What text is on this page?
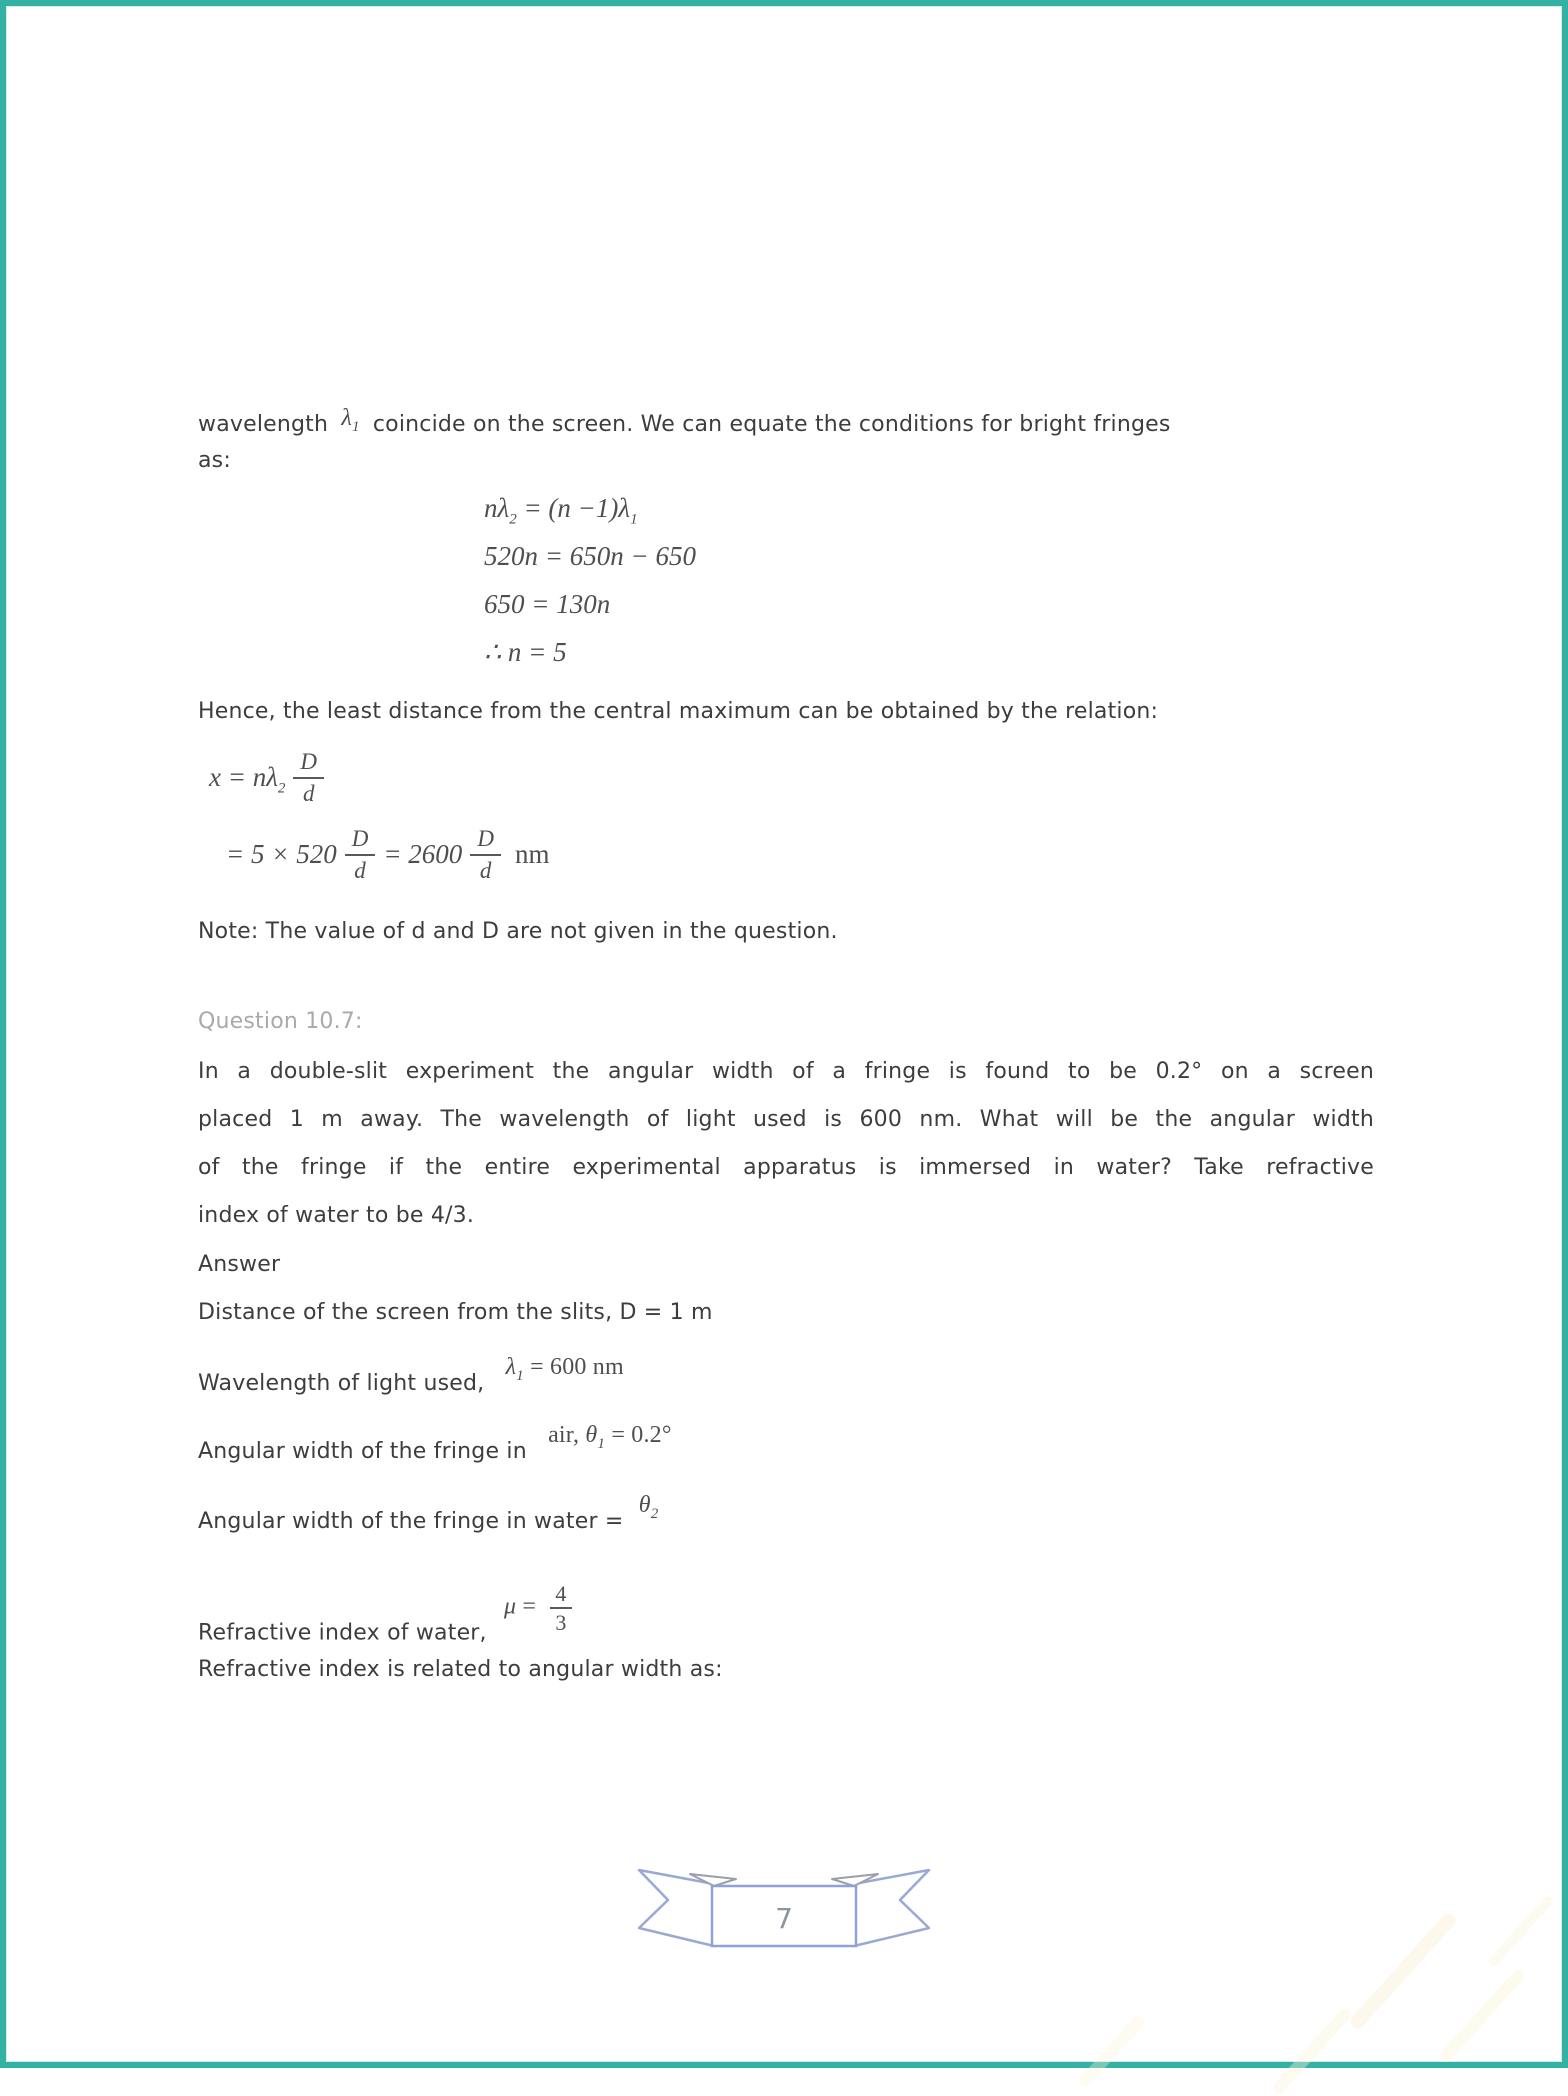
wavelength $\lambda_1$ coincide on the screen. We can equate the conditions for bright fringes
as:
$n\lambda_2 = (n -1)\lambda_1$
520n = 650n − 650
650 = 130n
∴ n = 5
Hence, the least distance from the central maximum can be obtained by the relation:
$x = n\lambda_2 \frac{D}{d}$
= $5 \times 520 \frac{D}{d} = 2600 \frac{D}{d}$ nm
Note: The value of d and D are not given in the question.
Question 10.7:
In a double-slit experiment the angular width of a fringe is found to be 0.2° on a screen
placed 1 m away. The wavelength of light used is 600 nm. What will be the angular width
of the fringe if the entire experimental apparatus is immersed in water? Take refractive
index of water to be 4/3.
Answer
Distance of the screen from the slits, D = 1 m
Wavelength of light used, $\lambda_1 = 600$ nm
Angular width of the fringe in air, $\theta_1 = 0.2^\circ$
Angular width of the fringe in water = $\theta_2$
Refractive index of water, $\mu = \frac{4}{3}$
Refractive index is related to angular width as:
7
